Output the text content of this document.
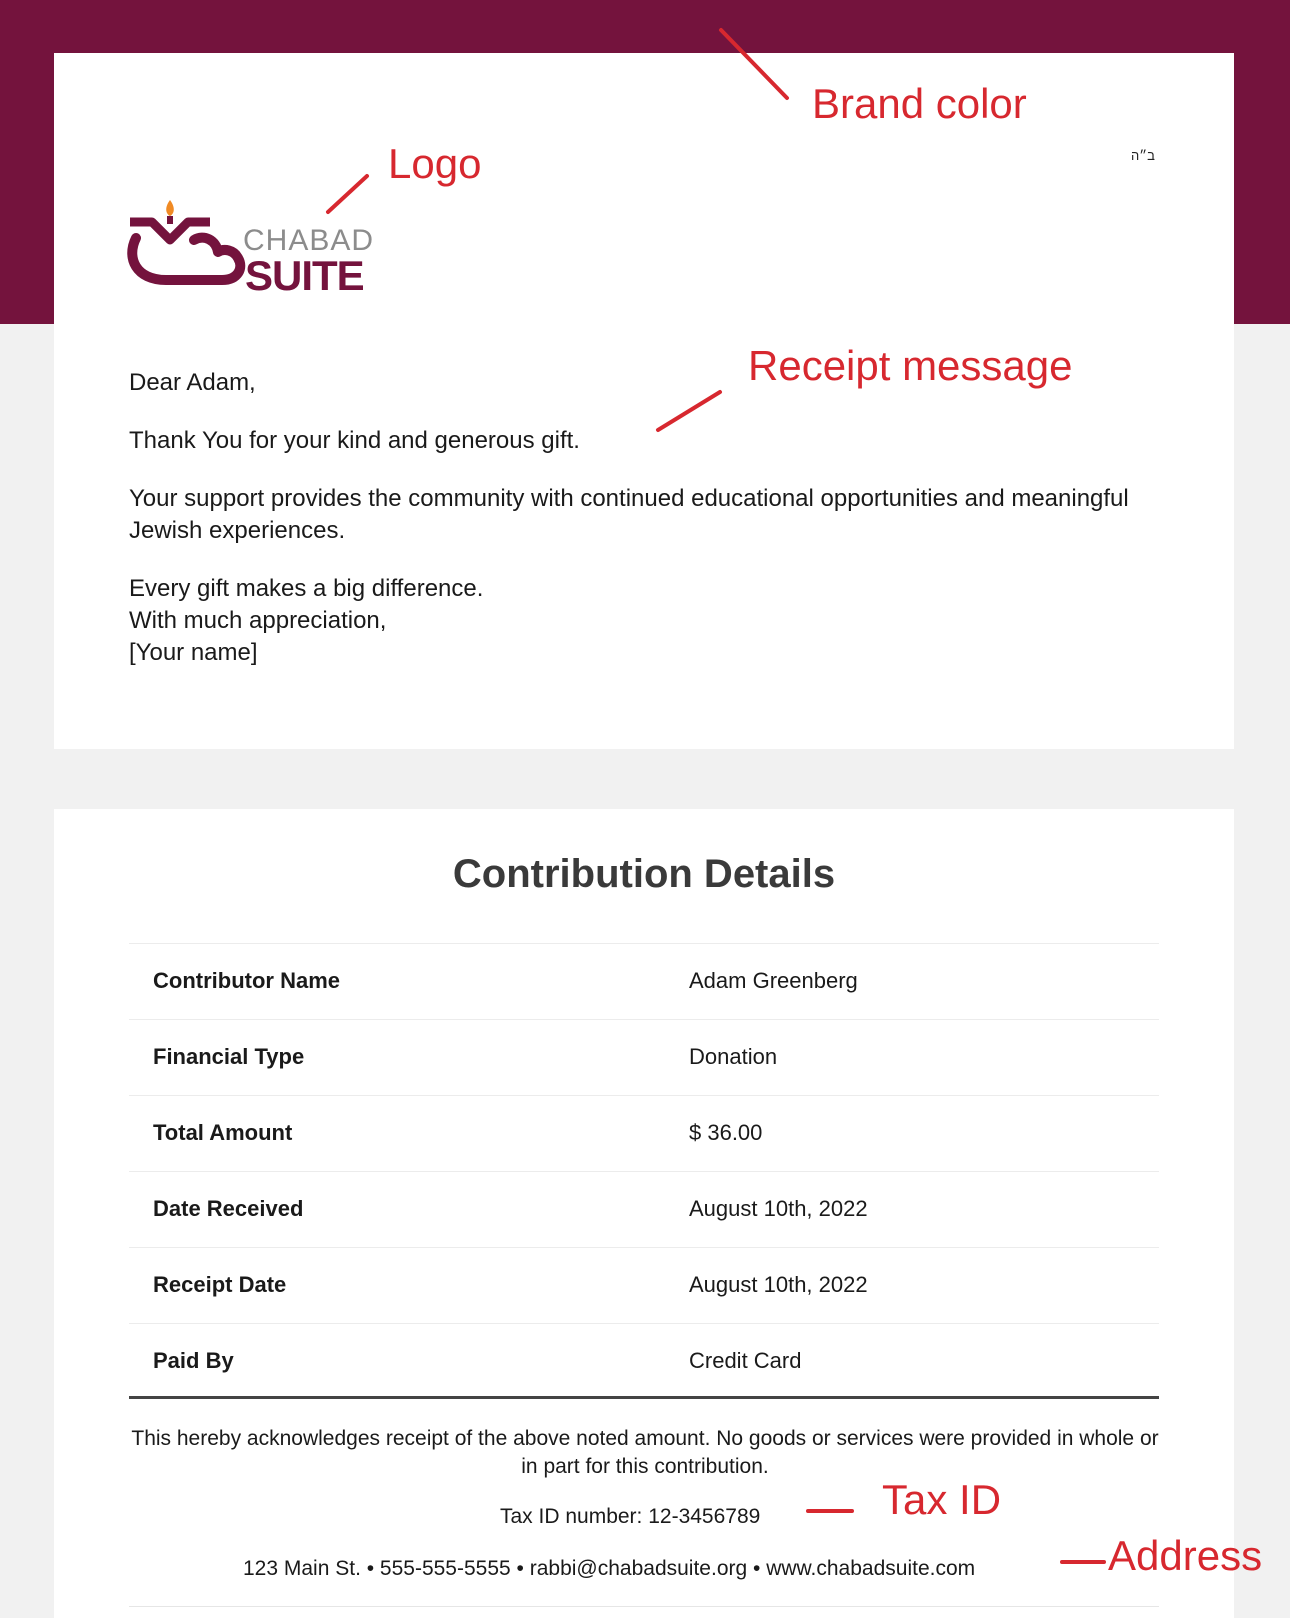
ב״ה
CHABAD
SUITE
Dear Adam,
Thank You for your kind and generous gift.
Your support provides the community with continued educational opportunities and meaningful Jewish experiences.
Every gift makes a big difference.
With much appreciation,
[Your name]
Contribution Details
Contributor Name	Adam Greenberg
Financial Type	Donation
Total Amount	$ 36.00
Date Received	August 10th, 2022
Receipt Date	August 10th, 2022
Paid By	Credit Card
This hereby acknowledges receipt of the above noted amount. No goods or services were provided in whole or in part for this contribution.
Tax ID number: 12-3456789
123 Main St. • 555-555-5555 • rabbi@chabadsuite.org • www.chabadsuite.com
Brand color
Logo
Receipt message
Tax ID
Address
